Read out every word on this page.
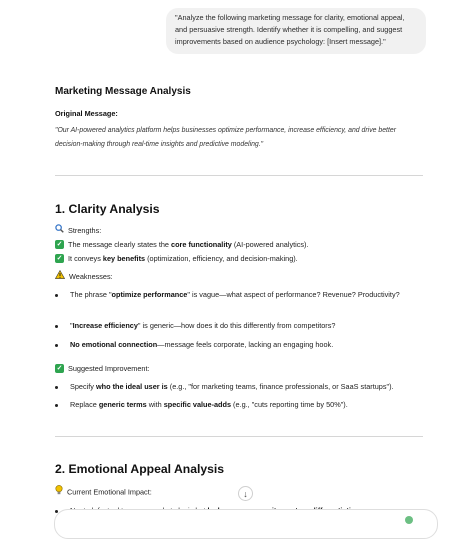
"Analyze the following marketing message for clarity, emotional appeal, and persuasive strength. Identify whether it is compelling, and suggest improvements based on audience psychology: [Insert message]."
Marketing Message Analysis
Original Message:
"Our AI-powered analytics platform helps businesses optimize performance, increase efficiency, and drive better decision-making through real-time insights and predictive modeling."
1. Clarity Analysis
Strengths:
✓ The message clearly states the core functionality (AI-powered analytics).
✓ It conveys key benefits (optimization, efficiency, and decision-making).
Weaknesses:
The phrase "optimize performance" is vague—what aspect of performance? Revenue? Productivity?
"Increase efficiency" is generic—how does it do this differently from competitors?
No emotional connection—message feels corporate, lacking an engaging hook.
✓ Suggested Improvement:
Specify who the ideal user is (e.g., "for marketing teams, finance professionals, or SaaS startups").
Replace generic terms with specific value-adds (e.g., "cuts reporting time by 50%").
2. Emotional Appeal Analysis
Current Emotional Impact:	↓
